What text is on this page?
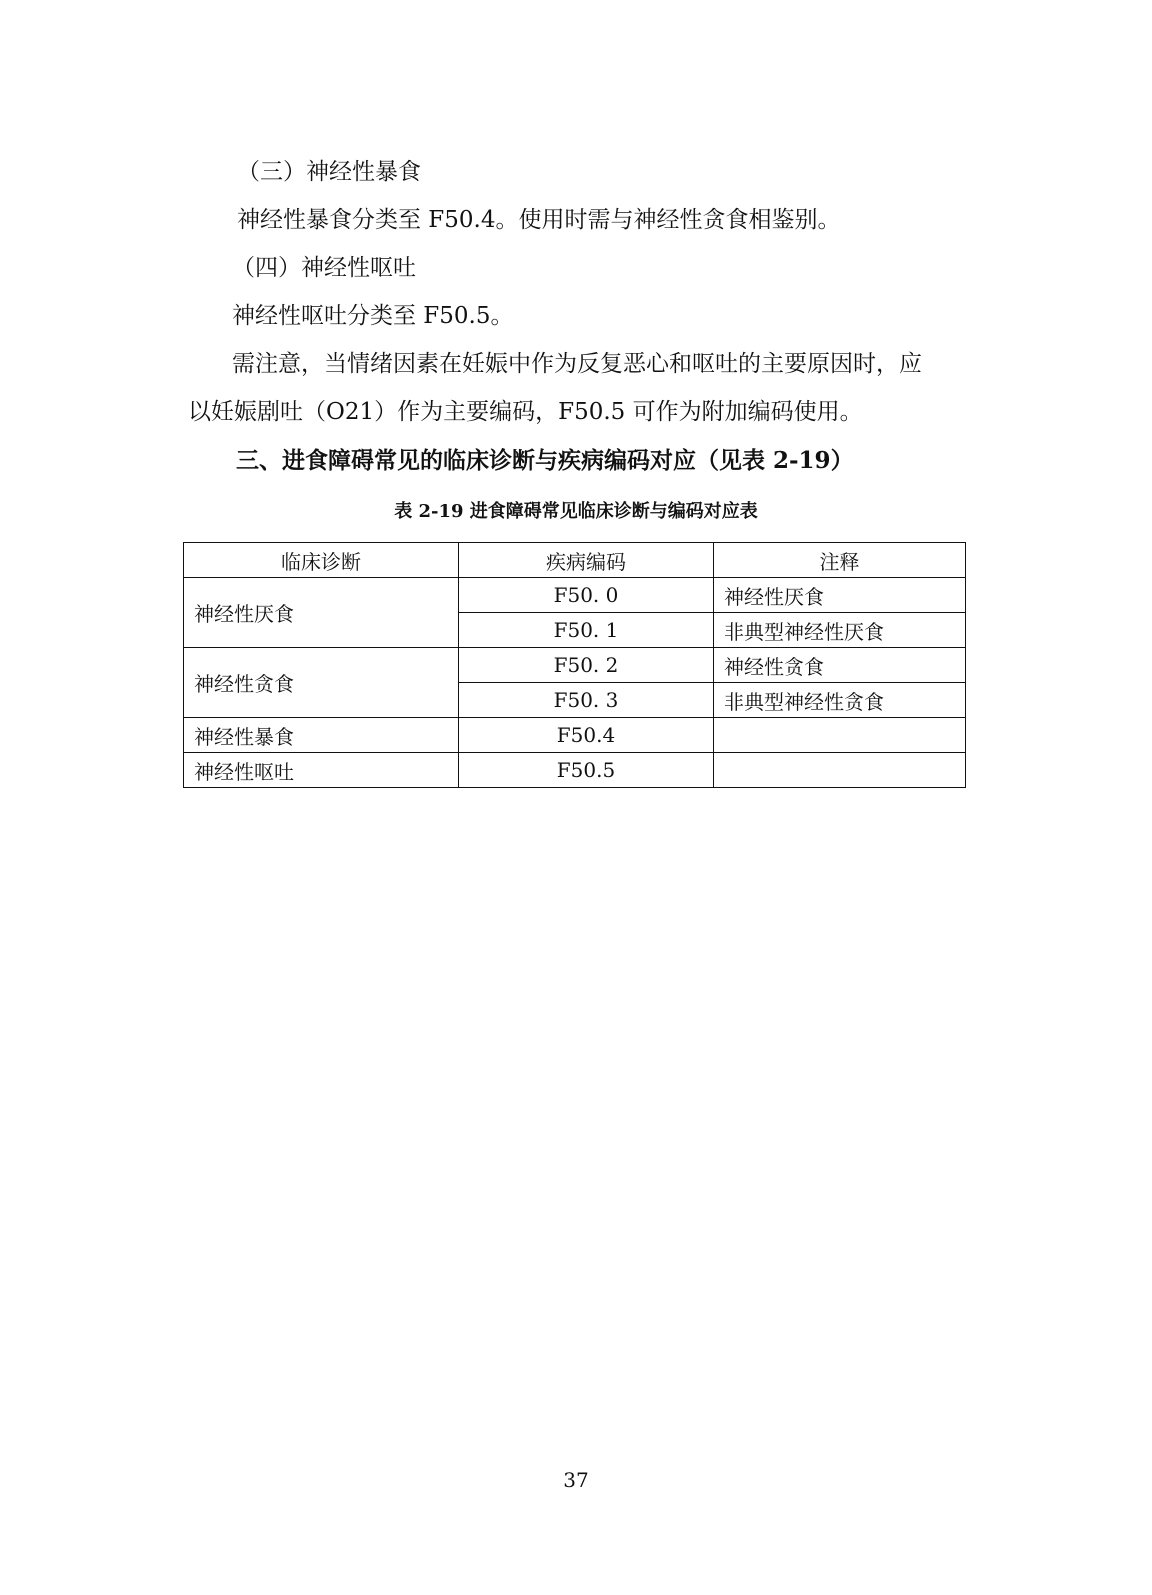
（三）神经性暴食

神经性暴食分类至 F50.4。使用时需与神经性贪食相鉴别。

（四）神经性呕吐

神经性呕吐分类至 F50.5。

需注意，当情绪因素在妊娠中作为反复恶心和呕吐的主要原因时，应

以妊娠剧吐（O21）作为主要编码，F50.5 可作为附加编码使用。

三、进食障碍常见的临床诊断与疾病编码对应（见表 2-19）

表 2-19 进食障碍常见临床诊断与编码对应表

临床诊断	疾病编码	注释
神经性厌食	F50. 0	神经性厌食
	F50. 1	非典型神经性厌食
神经性贪食	F50. 2	神经性贪食
	F50. 3	非典型神经性贪食
神经性暴食	F50.4	
神经性呕吐	F50.5	

37
